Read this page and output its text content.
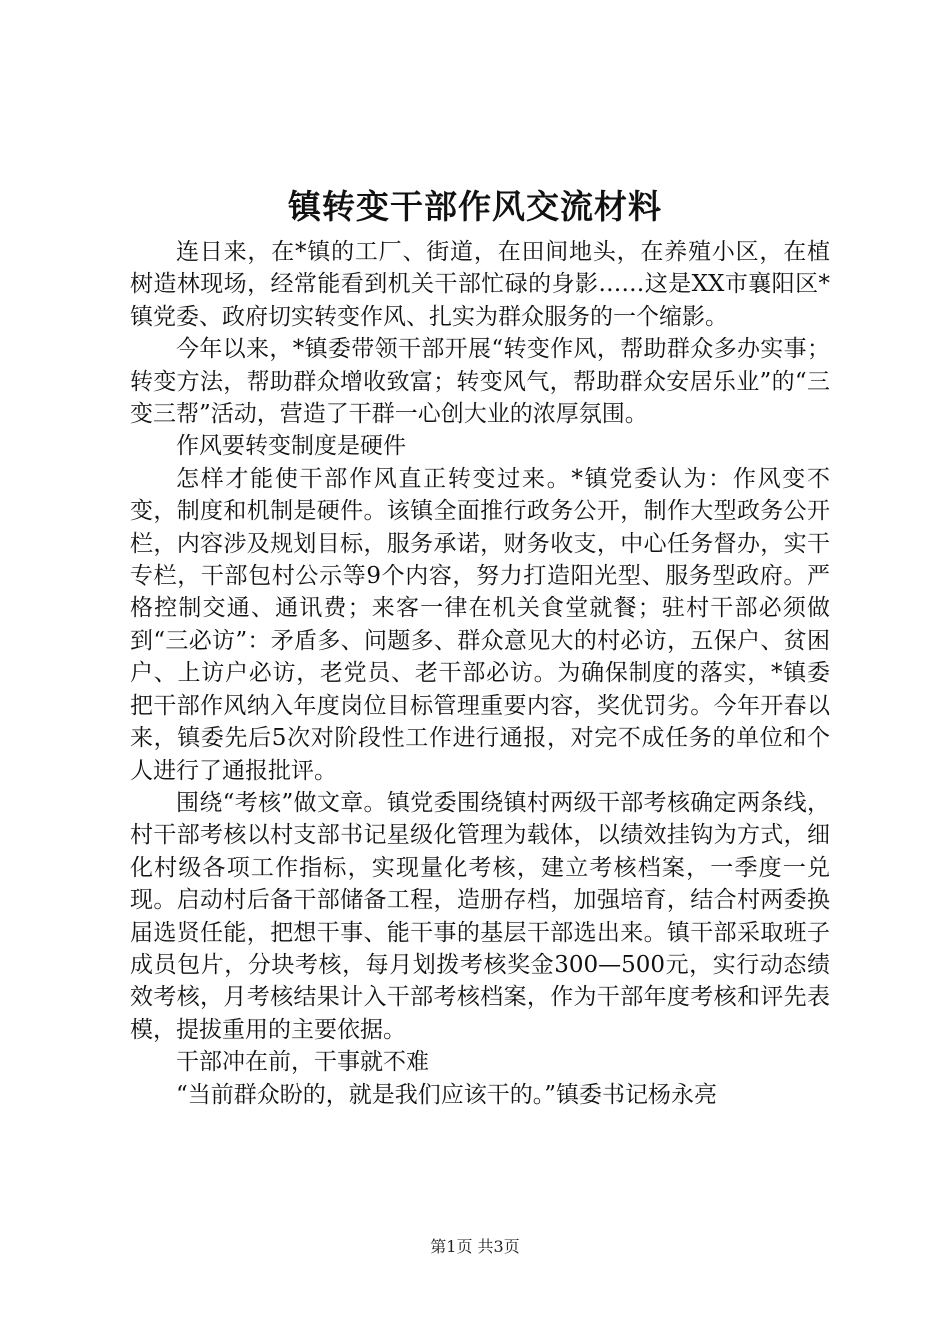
镇转变干部作风交流材料

连日来，在*镇的工厂、街道，在田间地头，在养殖小区，在植树造林现场，经常能看到机关干部忙碌的身影……这是XX市襄阳区*镇党委、政府切实转变作风、扎实为群众服务的一个缩影。

今年以来，*镇委带领干部开展“转变作风，帮助群众多办实事；转变方法，帮助群众增收致富；转变风气，帮助群众安居乐业”的“三变三帮”活动，营造了干群一心创大业的浓厚氛围。

作风要转变制度是硬件

怎样才能使干部作风直正转变过来。*镇党委认为：作风变不变，制度和机制是硬件。该镇全面推行政务公开，制作大型政务公开栏，内容涉及规划目标，服务承诺，财务收支，中心任务督办，实干专栏，干部包村公示等9个内容，努力打造阳光型、服务型政府。严格控制交通、通讯费；来客一律在机关食堂就餐；驻村干部必须做到“三必访”：矛盾多、问题多、群众意见大的村必访，五保户、贫困户、上访户必访，老党员、老干部必访。为确保制度的落实，*镇委把干部作风纳入年度岗位目标管理重要内容，奖优罚劣。今年开春以来，镇委先后5次对阶段性工作进行通报，对完不成任务的单位和个人进行了通报批评。

围绕“考核”做文章。镇党委围绕镇村两级干部考核确定两条线，村干部考核以村支部书记星级化管理为载体，以绩效挂钩为方式，细化村级各项工作指标，实现量化考核，建立考核档案，一季度一兑现。启动村后备干部储备工程，造册存档，加强培育，结合村两委换届选贤任能，把想干事、能干事的基层干部选出来。镇干部采取班子成员包片，分块考核，每月划拨考核奖金300—500元，实行动态绩效考核，月考核结果计入干部考核档案，作为干部年度考核和评先表模，提拔重用的主要依据。

干部冲在前，干事就不难

“当前群众盼的，就是我们应该干的。”镇委书记杨永亮

第1页 共3页
